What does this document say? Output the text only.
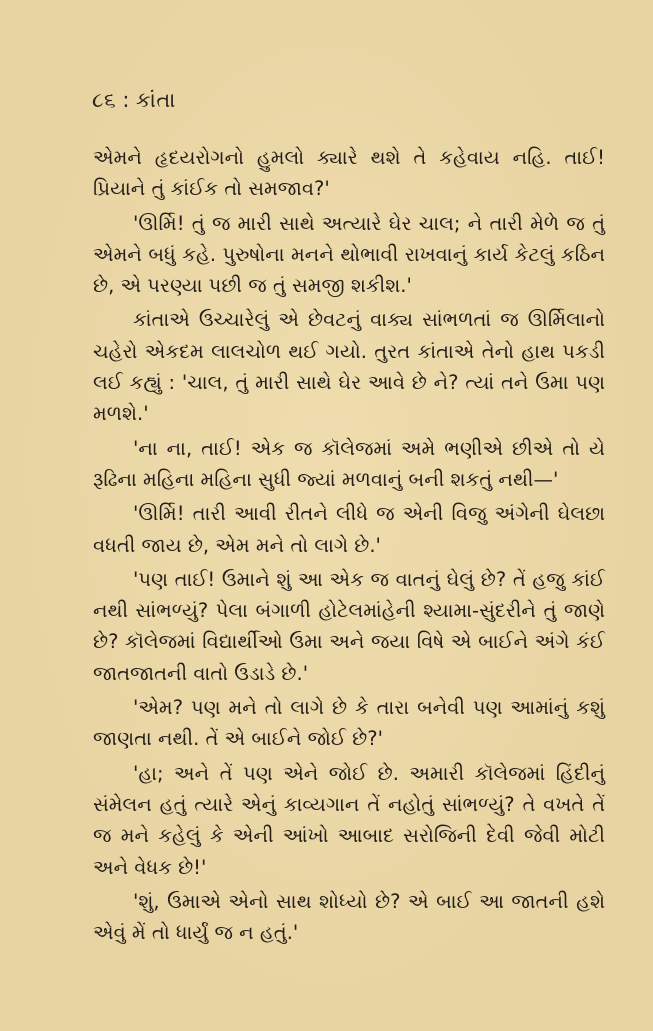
૮૬ : કાંતા

એમને હૃદયરોગનો હુમલો ક્યારે થશે તે કહેવાય નહિ. તાઈ! પ્રિયાને તું કાંઈક તો સમજાવ?'

'ઊર્મિ! તું જ મારી સાથે અત્યારે ઘેર ચાલ; ને તારી મેળે જ તું એમને બધું કહે. પુરુષોના મનને થોભાવી રાખવાનું કાર્ય કેટલું કઠિન છે, એ પરણ્યા પછી જ તું સમજી શકીશ.'

કાંતાએ ઉચ્ચારેલું એ છેવટનું વાક્ય સાંભળતાં જ ઊર્મિલાનો ચહેરો એકદમ લાલચોળ થઈ ગયો. તુરત કાંતાએ તેનો હાથ પકડી લઈ કહ્યું : 'ચાલ, તું મારી સાથે ઘેર આવે છે ને? ત્યાં તને ઉમા પણ મળશે.'

'ના ના, તાઈ! એક જ કૉલેજમાં અમે ભણીએ છીએ તો યે રૂઢિના મહિના મહિના સુધી જ્યાં મળવાનું બની શકતું નથી—'

'ઊર્મિ! તારી આવી રીતને લીધે જ એની વિજુ અંગેની ઘેલછા વધતી જાય છે, એમ મને તો લાગે છે.'

'પણ તાઈ! ઉમાને શું આ એક જ વાતનું ઘેલું છે? તેં હજુ કાંઈ નથી સાંભળ્યું? પેલા બંગાળી હોટેલમાંહેની શ્યામા-સુંદરીને તું જાણે છે? કૉલેજમાં વિદ્યાર્થીઓ ઉમા અને જયા વિષે એ બાઈને અંગે કંઈ જાતજાતની વાતો ઉડાડે છે.'

'એમ? પણ મને તો લાગે છે કે તારા બનેવી પણ આમાંનું કશું જાણતા નથી. તેં એ બાઈને જોઈ છે?'

'હા; અને તેં પણ એને જોઈ છે. અમારી કૉલેજમાં હિંદીનું સંમેલન હતું ત્યારે એનું કાવ્યગાન તેં નહોતું સાંભળ્યું? તે વખતે તેં જ મને કહેલું કે એની આંખો આબાદ સરોજિની દેવી જેવી મોટી અને વેધક છે!'

'શું, ઉમાએ એનો સાથ શોધ્યો છે? એ બાઈ આ જાતની હશે એવું મેં તો ધાર્યું જ ન હતું.'
